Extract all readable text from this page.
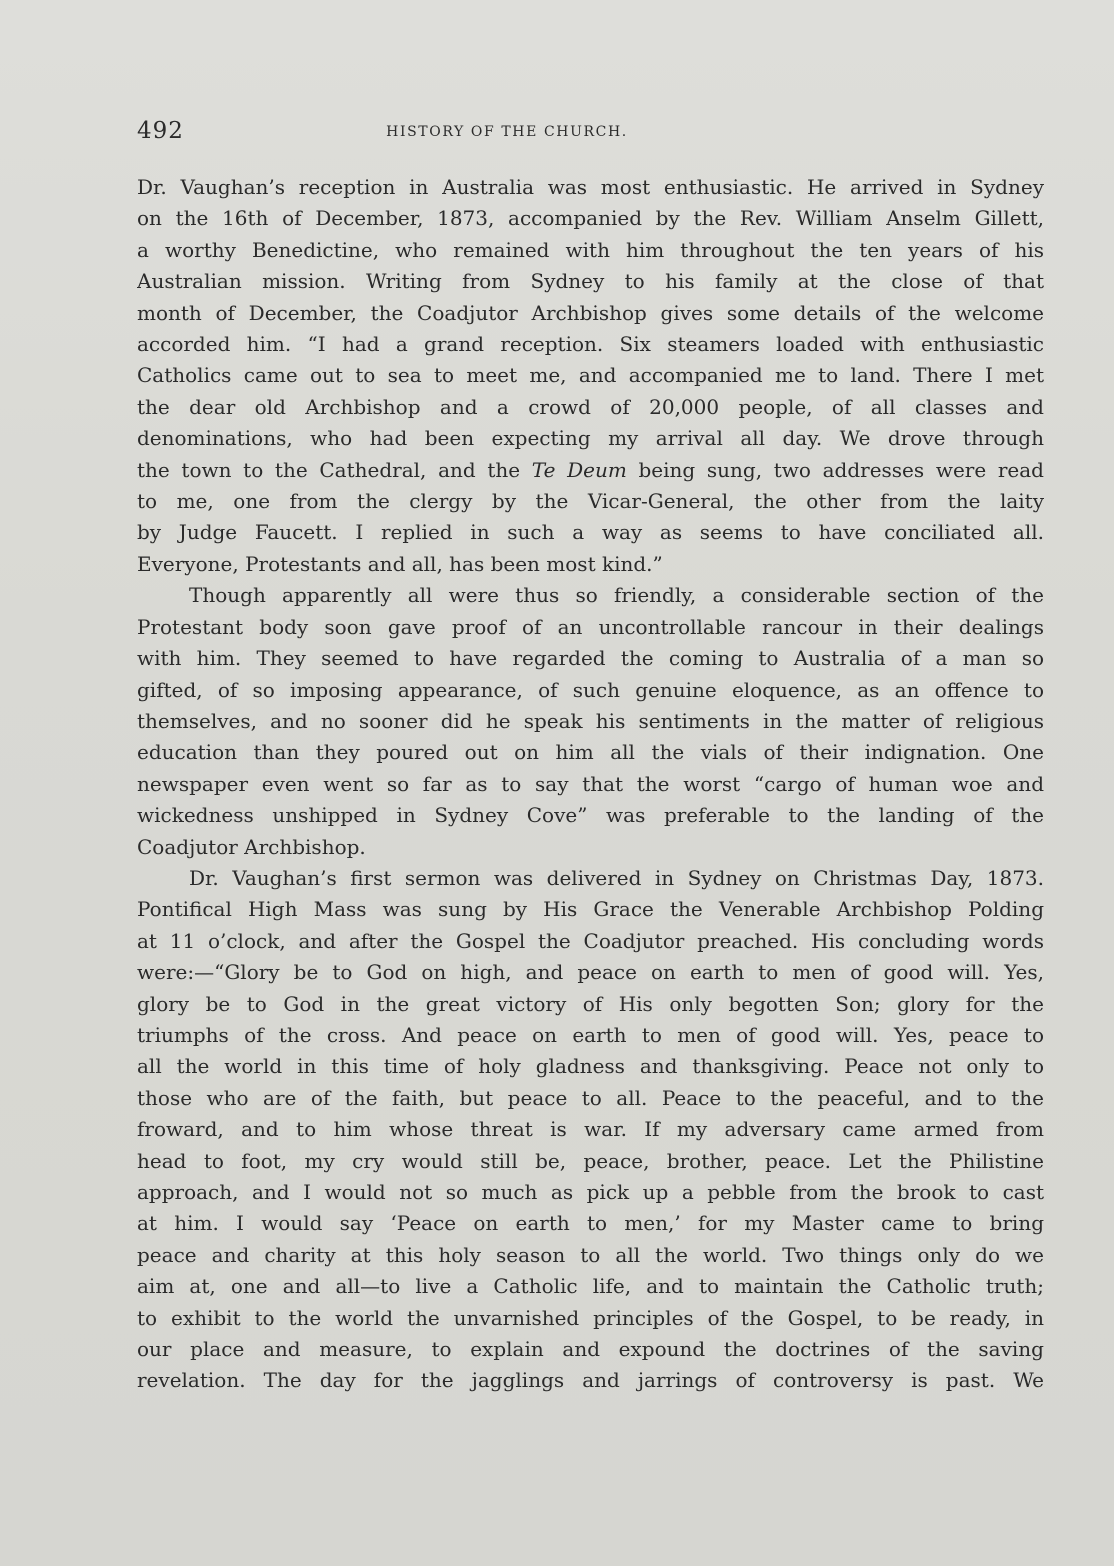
492	HISTORY OF THE CHURCH.
Dr. Vaughan’s reception in Australia was most enthusiastic. He arrived in Sydney
on the 16th of December, 1873, accompanied by the Rev. William Anselm Gillett,
a worthy Benedictine, who remained with him throughout the ten years of his
Australian mission. Writing from Sydney to his family at the close of that
month of December, the Coadjutor Archbishop gives some details of the welcome
accorded him. “I had a grand reception. Six steamers loaded with enthusiastic
Catholics came out to sea to meet me, and accompanied me to land. There I met
the dear old Archbishop and a crowd of 20,000 people, of all classes and
denominations, who had been expecting my arrival all day. We drove through
the town to the Cathedral, and the Te Deum being sung, two addresses were read
to me, one from the clergy by the Vicar-General, the other from the laity
by Judge Faucett. I replied in such a way as seems to have conciliated all.
Everyone, Protestants and all, has been most kind.”
Though apparently all were thus so friendly, a considerable section of the
Protestant body soon gave proof of an uncontrollable rancour in their dealings
with him. They seemed to have regarded the coming to Australia of a man so
gifted, of so imposing appearance, of such genuine eloquence, as an offence to
themselves, and no sooner did he speak his sentiments in the matter of religious
education than they poured out on him all the vials of their indignation. One
newspaper even went so far as to say that the worst “cargo of human woe and
wickedness unshipped in Sydney Cove” was preferable to the landing of the
Coadjutor Archbishop.
Dr. Vaughan’s first sermon was delivered in Sydney on Christmas Day, 1873.
Pontifical High Mass was sung by His Grace the Venerable Archbishop Polding
at 11 o’clock, and after the Gospel the Coadjutor preached. His concluding words
were:—“Glory be to God on high, and peace on earth to men of good will. Yes,
glory be to God in the great victory of His only begotten Son; glory for the
triumphs of the cross. And peace on earth to men of good will. Yes, peace to
all the world in this time of holy gladness and thanksgiving. Peace not only to
those who are of the faith, but peace to all. Peace to the peaceful, and to the
froward, and to him whose threat is war. If my adversary came armed from
head to foot, my cry would still be, peace, brother, peace. Let the Philistine
approach, and I would not so much as pick up a pebble from the brook to cast
at him. I would say ‘Peace on earth to men,’ for my Master came to bring
peace and charity at this holy season to all the world. Two things only do we
aim at, one and all—to live a Catholic life, and to maintain the Catholic truth;
to exhibit to the world the unvarnished principles of the Gospel, to be ready, in
our place and measure, to explain and expound the doctrines of the saving
revelation. The day for the jagglings and jarrings of controversy is past. We
